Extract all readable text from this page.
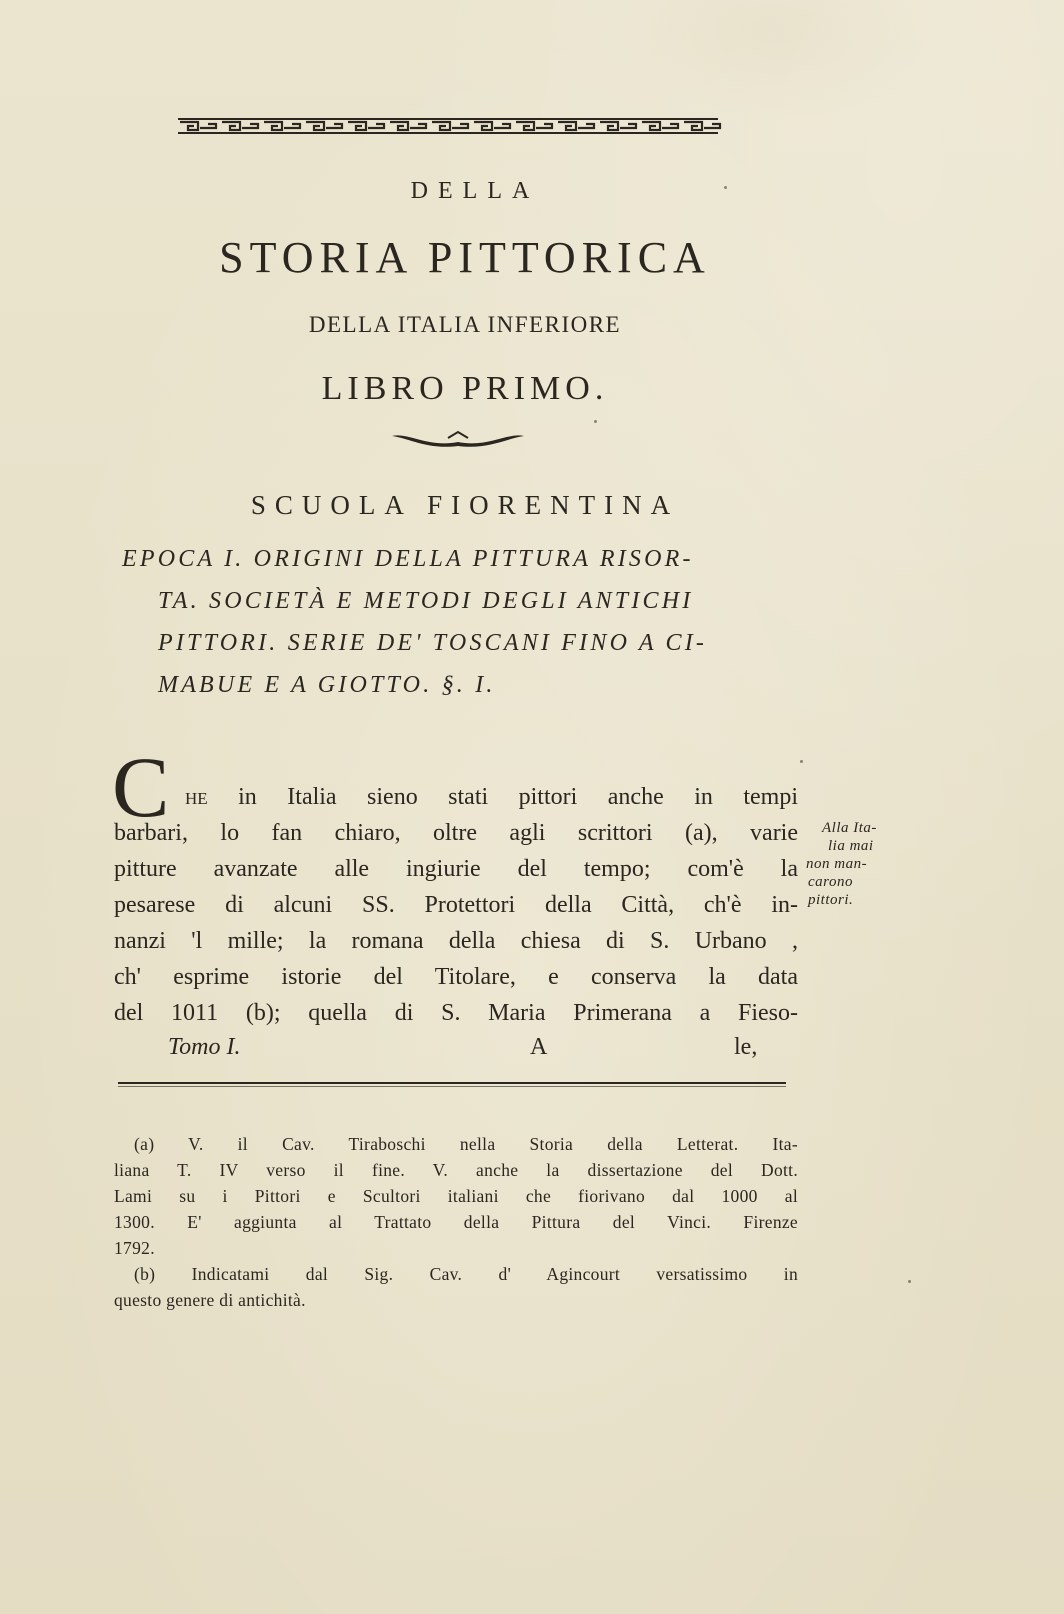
DELLA
STORIA PITTORICA
DELLA ITALIA INFERIORE
LIBRO PRIMO.
SCUOLA FIORENTINA
EPOCA I. ORIGINI DELLA PITTURA RISOR-
TA. SOCIETÀ E METODI DEGLI ANTICHI
PITTORI. SERIE DE' TOSCANI FINO A CI-
MABUE E A GIOTTO. §. I.
C he in Italia sieno stati pittori anche in tempi
barbari, lo fan chiaro, oltre agli scrittori (a), varie
pitture avanzate alle ingiurie del tempo; com'è la
pesarese di alcuni SS. Protettori della Città, ch'è in-
nanzi 'l mille; la romana della chiesa di S. Urbano ,
ch' esprime istorie del Titolare, e conserva la data
del 1011 (b); quella di S. Maria Primerana a Fieso-
Alla Ita-
lia mai
non man-
carono
pittori.
Tomo I.	A	le,
(a) V. il Cav. Tiraboschi nella Storia della Letterat. Ita-
liana T. IV verso il fine. V. anche la dissertazione del Dott.
Lami su i Pittori e Scultori italiani che fiorivano dal 1000 al
1300. E' aggiunta al Trattato della Pittura del Vinci. Firenze
1792.
(b) Indicatami dal Sig. Cav. d' Agincourt versatissimo in
questo genere di antichità.
